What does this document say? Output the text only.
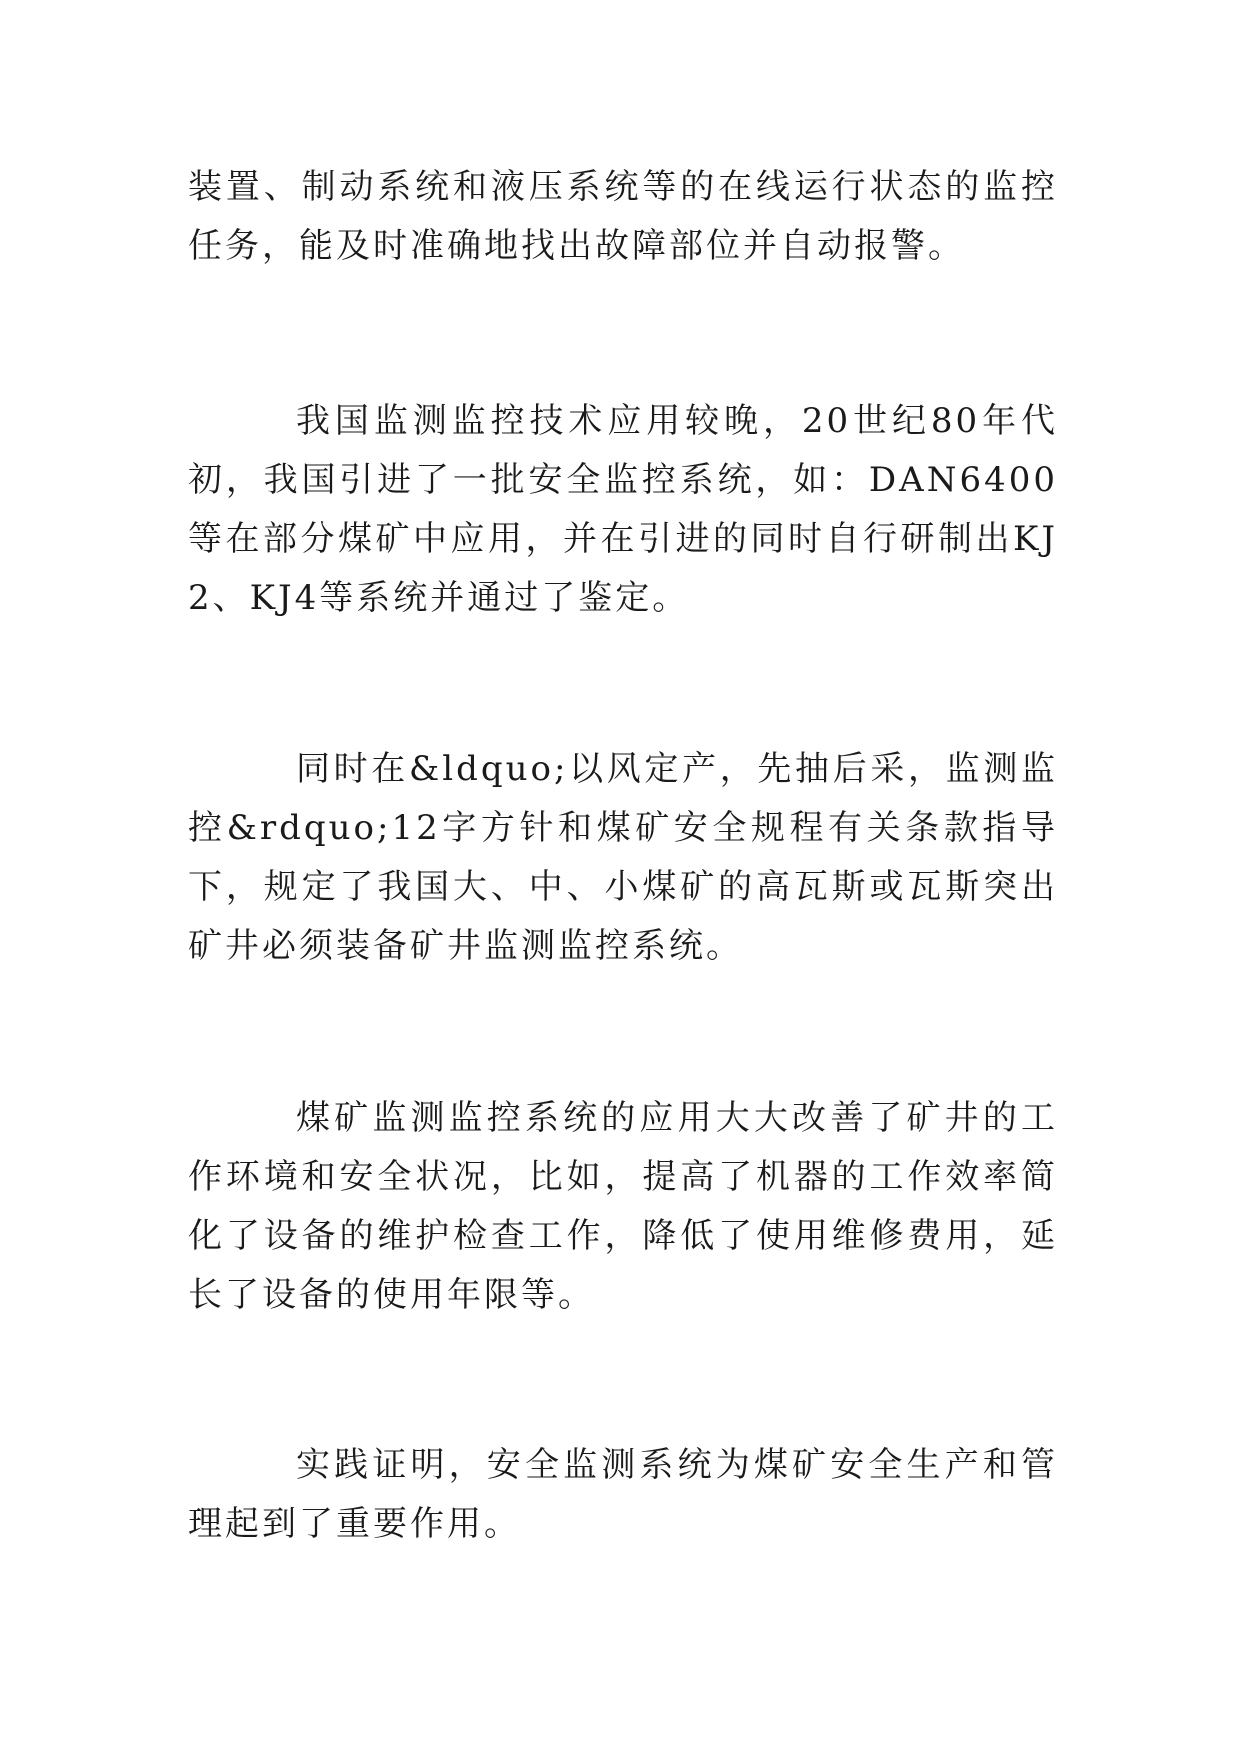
装置、制动系统和液压系统等的在线运行状态的监控任务，能及时准确地找出故障部位并自动报警。

我国监测监控技术应用较晚，20世纪80年代初，我国引进了一批安全监控系统，如：DAN6400等在部分煤矿中应用，并在引进的同时自行研制出KJ2、KJ4等系统并通过了鉴定。

同时在&ldquo;以风定产，先抽后采，监测监控&rdquo;12字方针和煤矿安全规程有关条款指导下，规定了我国大、中、小煤矿的高瓦斯或瓦斯突出矿井必须装备矿井监测监控系统。

煤矿监测监控系统的应用大大改善了矿井的工作环境和安全状况，比如，提高了机器的工作效率简化了设备的维护检查工作，降低了使用维修费用，延长了设备的使用年限等。

实践证明，安全监测系统为煤矿安全生产和管理起到了重要作用。
